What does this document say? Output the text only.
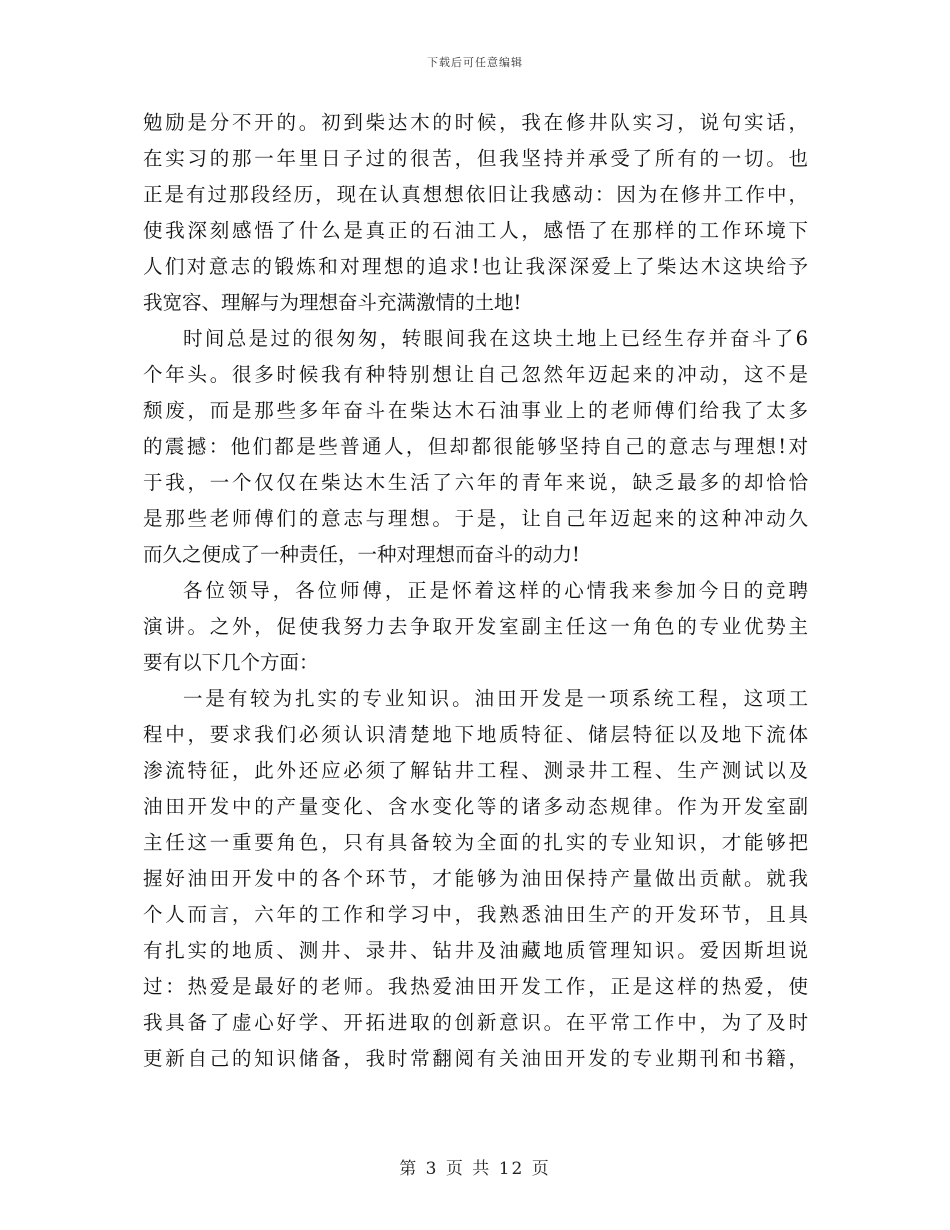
下载后可任意编辑
勉励是分不开的。初到柴达木的时候，我在修井队实习，说句实话，
在实习的那一年里日子过的很苦，但我坚持并承受了所有的一切。也
正是有过那段经历，现在认真想想依旧让我感动：因为在修井工作中，
使我深刻感悟了什么是真正的石油工人，感悟了在那样的工作环境下
人们对意志的锻炼和对理想的追求!也让我深深爱上了柴达木这块给予
我宽容、理解与为理想奋斗充满激情的土地!
时间总是过的很匆匆，转眼间我在这块土地上已经生存并奋斗了6
个年头。很多时候我有种特别想让自己忽然年迈起来的冲动，这不是
颓废，而是那些多年奋斗在柴达木石油事业上的老师傅们给我了太多
的震撼：他们都是些普通人，但却都很能够坚持自己的意志与理想!对
于我，一个仅仅在柴达木生活了六年的青年来说，缺乏最多的却恰恰
是那些老师傅们的意志与理想。于是，让自己年迈起来的这种冲动久
而久之便成了一种责任，一种对理想而奋斗的动力!
各位领导，各位师傅，正是怀着这样的心情我来参加今日的竞聘
演讲。之外，促使我努力去争取开发室副主任这一角色的专业优势主
要有以下几个方面：
一是有较为扎实的专业知识。油田开发是一项系统工程，这项工
程中，要求我们必须认识清楚地下地质特征、储层特征以及地下流体
渗流特征，此外还应必须了解钻井工程、测录井工程、生产测试以及
油田开发中的产量变化、含水变化等的诸多动态规律。作为开发室副
主任这一重要角色，只有具备较为全面的扎实的专业知识，才能够把
握好油田开发中的各个环节，才能够为油田保持产量做出贡献。就我
个人而言，六年的工作和学习中，我熟悉油田生产的开发环节，且具
有扎实的地质、测井、录井、钻井及油藏地质管理知识。爱因斯坦说
过：热爱是最好的老师。我热爱油田开发工作，正是这样的热爱，使
我具备了虚心好学、开拓进取的创新意识。在平常工作中，为了及时
更新自己的知识储备，我时常翻阅有关油田开发的专业期刊和书籍，
第 3 页 共 12 页
